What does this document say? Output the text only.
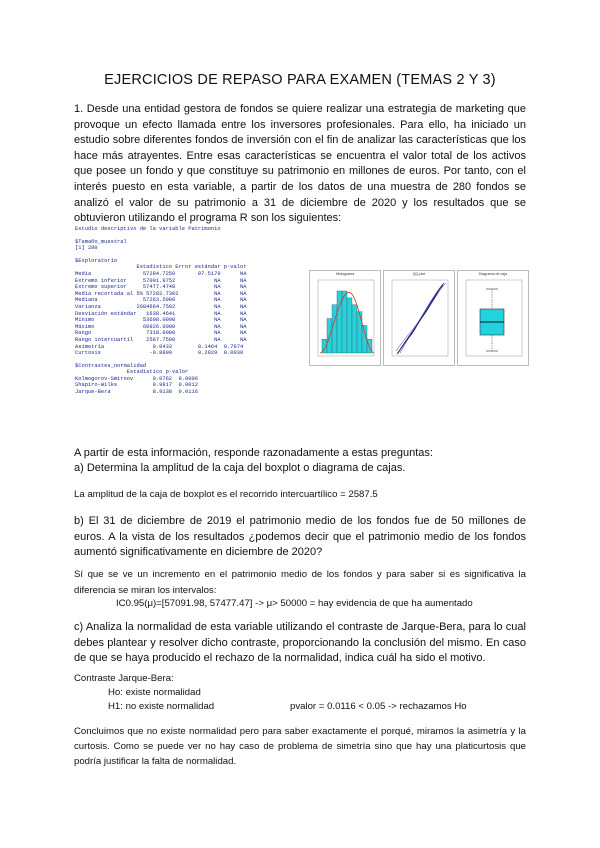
EJERCICIOS DE REPASO PARA EXAMEN (TEMAS 2 Y 3)
1. Desde una entidad gestora de fondos se quiere realizar una estrategia de marketing que provoque un efecto llamada entre los inversores profesionales. Para ello, ha iniciado un estudio sobre diferentes fondos de inversión con el fin de analizar las características que los hace más atrayentes. Entre esas características se encuentra el valor total de los activos que posee un fondo y que constituye su patrimonio en millones de euros. Por tanto, con el interés puesto en esta variable, a partir de los datos de una muestra de 280 fondos se analizó el valor de su patrimonio a 31 de diciembre de 2020 y los resultados que se obtuvieron utilizando el programa R son los siguientes:
Estudio descriptivo de la variable Patrimonio
$Tamaño_muestral
[1] 280
$Exploratorio
Estadistico Error estándar p-valor
Media                57284.7250       97.5170      NA
Extremo inferior     57091.9752            NA      NA
Extremo superior     57477.4748            NA      NA
Media recortada al 5% 57282.7302           NA      NA
Mediana              57263.5000            NA      NA
Varianza           2684664.7592            NA      NA
Desviación estándar   1638.4641            NA      NA
Mínimo               53608.0000            NA      NA
Máximo               60926.0000            NA      NA
Rango                 7318.0000            NA      NA
Rango intercuartil    2587.7500            NA      NA
Asimetría               0.0433        0.1464  0.7674
Curtosis               -0.8899        0.2929  0.0030
$Contrastes_normalidad
Estadistico p-valor
Kolmogorov-Smirnov      0.0762  0.0006
Shapiro-Wilks           0.9817  0.0012
Jarque-Bera             8.9138  0.0116
Histograma	QQ-plot	Diagrama de caja
A partir de esta información, responde razonadamente a estas preguntas:
a) Determina la amplitud de la caja del boxplot o diagrama de cajas.
La amplitud de la caja de boxplot es el recorrido intercuartílico = 2587.5
b) El 31 de diciembre de 2019 el patrimonio medio de los fondos fue de 50 millones de euros. A la vista de los resultados ¿podemos decir que el patrimonio medio de los fondos aumentó significativamente en diciembre de 2020?
Sí que se ve un incremento en el patrimonio medio de los fondos y para saber si es significativa la diferencia se miran los intervalos:
IC0.95(μ)=[57091.98, 57477.47] -> μ> 50000 = hay evidencia de que ha aumentado
c) Analiza la normalidad de esta variable utilizando el contraste de Jarque-Bera, para lo cual debes plantear y resolver dicho contraste, proporcionando la conclusión del mismo. En caso de que se haya producido el rechazo de la normalidad, indica cuál ha sido el motivo.
Contraste Jarque-Bera:
Ho: existe normalidad
H1: no existe normalidad	pvalor = 0.0116 < 0.05 -> rechazamos Ho
Concluimos que no existe normalidad pero para saber exactamente el porqué, miramos la asimetría y la curtosis. Como se puede ver no hay caso de problema de simetría sino que hay una platicurtosis que podría justificar la falta de normalidad.
